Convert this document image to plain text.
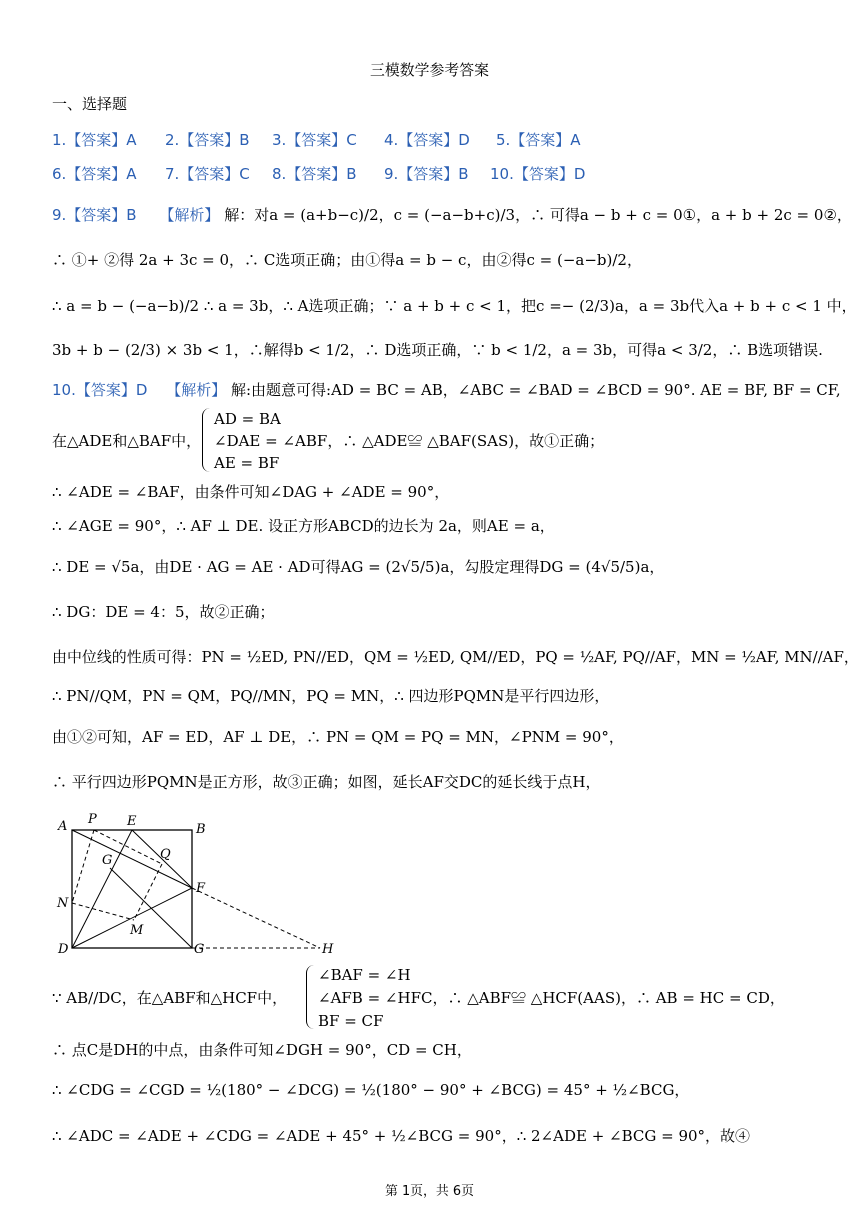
三模数学参考答案
一、选择题
1.【答案】A 2.【答案】B 3.【答案】C 4.【答案】D 5.【答案】A
6.【答案】A 7.【答案】C 8.【答案】B 9.【答案】B 10.【答案】D
9.【答案】B 【解析】 解：对a = (a+b−c)/2，c = (−a−b+c)/3，∴ 可得a − b + c = 0①，a + b + 2c = 0②，
∴ ①+ ②得 2a + 3c = 0，∴ C选项正确；由①得a = b − c，由②得c = (−a−b)/2，
∴ a = b − (−a−b)/2 ∴ a = 3b，∴ A选项正确；∵ a + b + c < 1，把c =− (2/3)a，a = 3b代入a + b + c < 1 中，
3b + b − (2/3) × 3b < 1，∴解得b < 1/2，∴ D选项正确，∵ b < 1/2，a = 3b，可得a < 3/2，∴ B选项错误.
10.【答案】D 【解析】 解:由题意可得:AD = BC = AB，∠ABC = ∠BAD = ∠BCD = 90°. AE = BF, BF = CF,
在△ADE和△BAF中，
AD = BA
∠DAE = ∠ABF，∴ △ADE≌ △BAF(SAS)，故①正确；
AE = BF
∴ ∠ADE = ∠BAF，由条件可知∠DAG + ∠ADE = 90°，
∴ ∠AGE = 90°，∴ AF ⊥ DE. 设正方形ABCD的边长为 2a，则AE = a，
∴ DE = √5a，由DE · AG = AE · AD可得AG = (2√5/5)a，勾股定理得DG = (4√5/5)a，
∴ DG：DE = 4：5，故②正确；
由中位线的性质可得：PN = ½ED, PN//ED，QM = ½ED, QM//ED，PQ = ½AF, PQ//AF，MN = ½AF, MN//AF，
∴ PN//QM，PN = QM，PQ//MN，PQ = MN，∴ 四边形PQMN是平行四边形，
由①②可知，AF = ED，AF ⊥ DE，∴ PN = QM = PQ = MN，∠PNM = 90°，
∴ 平行四边形PQMN是正方形，故③正确；如图，延长AF交DC的延长线于点H，
A P E
B
G	Q
F
N
M
D	G	H
∵ AB//DC，在△ABF和△HCF中，
∠BAF = ∠H
∠AFB = ∠HFC，∴ △ABF≌ △HCF(AAS)，∴ AB = HC = CD，
BF = CF
∴ 点C是DH的中点，由条件可知∠DGH = 90°，CD = CH，
∴ ∠CDG = ∠CGD = ½(180° − ∠DCG) = ½(180° − 90° + ∠BCG) = 45° + ½∠BCG，
∴ ∠ADC = ∠ADE + ∠CDG = ∠ADE + 45° + ½∠BCG = 90°，∴ 2∠ADE + ∠BCG = 90°，故④
第 1页，共 6页
